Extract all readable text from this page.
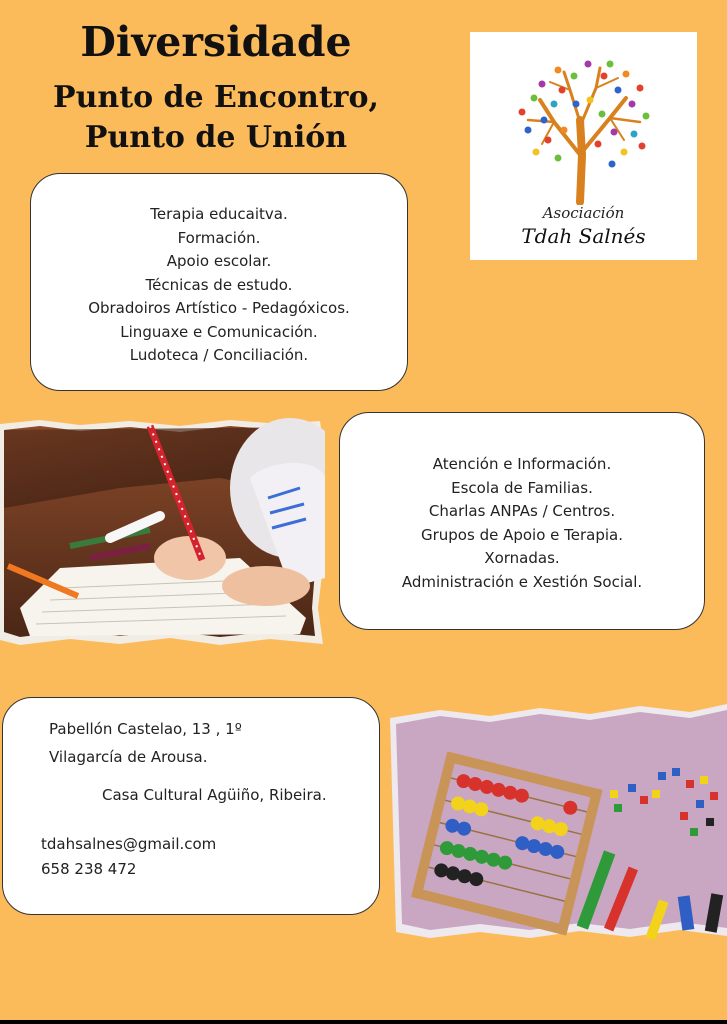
Diversidade
Punto de Encontro,
Punto de Unión
Asociación
Tdah Salnés
Terapia educaitva.
Formación.
Apoio escolar.
Técnicas de estudo.
Obradoiros Artístico - Pedagóxicos.
Linguaxe e Comunicación.
Ludoteca / Conciliación.
Atención e Información.
Escola de Familias.
Charlas ANPAs / Centros.
Grupos de Apoio e Terapia.
Xornadas.
Administración e Xestión Social.
Pabellón Castelao, 13 , 1º
Vilagarcía de Arousa.
Casa Cultural Agüiño, Ribeira.
tdahsalnes@gmail.com
658 238 472
